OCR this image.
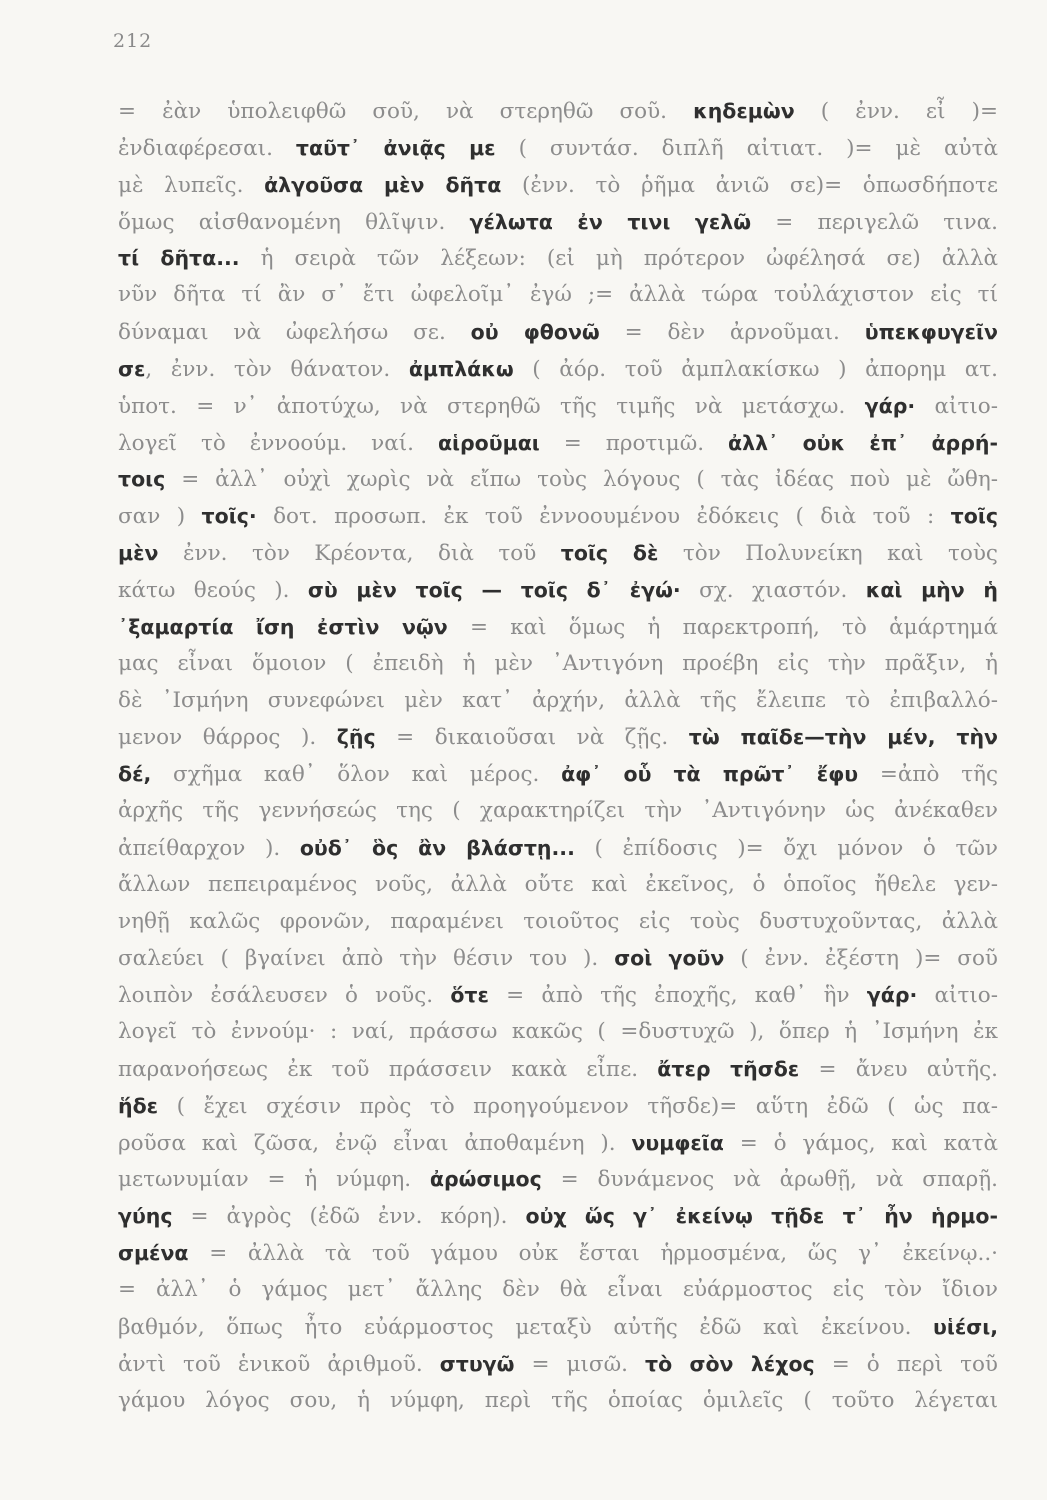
212
= ἐὰν ὑπολειφθῶ σοῦ, νὰ στερηθῶ σοῦ. κηδεμὼν ( ἐνν. εἶ )=
ἐνδιαφέρεσαι. ταῦτ᾽ ἀνιᾷς με ( συντάσ. διπλῆ αἰτιατ. )= μὲ αὐτὰ
μὲ λυπεῖς. ἀλγοῦσα μὲν δῆτα (ἐνν. τὸ ῥῆμα ἀνιῶ σε)= ὁπωσδήποτε
ὅμως αἰσθανομένη θλῖψιν. γέλωτα ἐν τινι γελῶ = περιγελῶ τινα.
τί δῆτα... ἡ σειρὰ τῶν λέξεων: (εἰ μὴ πρότερον ὠφέλησά σε) ἀλλὰ
νῦν δῆτα τί ἂν σ᾽ ἔτι ὠφελοῖμ᾽ ἐγώ ;= ἀλλὰ τώρα τοὐλάχιστον εἰς τί
δύναμαι νὰ ὠφελήσω σε. οὐ φθονῶ = δὲν ἀρνοῦμαι. ὑπεκφυγεῖν
σε, ἐνν. τὸν θάνατον. ἀμπλάκω ( ἀόρ. τοῦ ἀμπλακίσκω ) ἀπορημ ατ.
ὑποτ. = ν᾽ ἀποτύχω, νὰ στερηθῶ τῆς τιμῆς νὰ μετάσχω. γάρ· αἰτιο-
λογεῖ τὸ ἐννοούμ. ναί. αἱροῦμαι = προτιμῶ. ἀλλ᾽ οὐκ ἐπ᾽ ἀρρή-
τοις = ἀλλ᾽ οὐχὶ χωρὶς νὰ εἴπω τοὺς λόγους ( τὰς ἰδέας ποὺ μὲ ὤθη-
σαν ) τοῖς· δοτ. προσωπ. ἐκ τοῦ ἐννοουμένου ἐδόκεις ( διὰ τοῦ : τοῖς
μὲν ἐνν. τὸν Κρέοντα, διὰ τοῦ τοῖς δὲ τὸν Πολυνείκη καὶ τοὺς
κάτω θεούς ). σὺ μὲν τοῖς — τοῖς δ᾽ ἐγώ· σχ. χιαστόν. καὶ μὴν ἡ
᾽ξαμαρτία ἴση ἐστὶν νῷν = καὶ ὅμως ἡ παρεκτροπή, τὸ ἁμάρτημά
μας εἶναι ὅμοιον ( ἐπειδὴ ἡ μὲν ᾽Αντιγόνη προέβη εἰς τὴν πρᾶξιν, ἡ
δὲ ᾽Ισμήνη συνεφώνει μὲν κατ᾽ ἀρχήν, ἀλλὰ τῆς ἔλειπε τὸ ἐπιβαλλό-
μενον θάρρος ). ζῇς = δικαιοῦσαι νὰ ζῇς. τὼ παῖδε—τὴν μέν, τὴν
δέ, σχῆμα καθ᾽ ὅλον καὶ μέρος. ἀφ᾽ οὗ τὰ πρῶτ᾽ ἔφυ =ἀπὸ τῆς
ἀρχῆς τῆς γεννήσεώς της ( χαρακτηρίζει τὴν ᾽Αντιγόνην ὡς ἀνέκαθεν
ἀπείθαρχον ). οὐδ᾽ ὃς ἂν βλάστῃ... ( ἐπίδοσις )= ὄχι μόνον ὁ τῶν
ἄλλων πεπειραμένος νοῦς, ἀλλὰ οὔτε καὶ ἐκεῖνος, ὁ ὁποῖος ἤθελε γεν-
νηθῇ καλῶς φρονῶν, παραμένει τοιοῦτος εἰς τοὺς δυστυχοῦντας, ἀλλὰ
σαλεύει ( βγαίνει ἀπὸ τὴν θέσιν του ). σοὶ γοῦν ( ἐνν. ἐξέστη )= σοῦ
λοιπὸν ἐσάλευσεν ὁ νοῦς. ὅτε = ἀπὸ τῆς ἐποχῆς, καθ᾽ ἣν γάρ· αἰτιο-
λογεῖ τὸ ἐννούμ· : ναί, πράσσω κακῶς ( =δυστυχῶ ), ὅπερ ἡ ᾽Ισμήνη ἐκ
παρανοήσεως ἐκ τοῦ πράσσειν κακὰ εἶπε. ἄτερ τῆσδε = ἄνευ αὐτῆς.
ἥδε ( ἔχει σχέσιν πρὸς τὸ προηγούμενον τῆσδε)= αὕτη ἐδῶ ( ὡς πα-
ροῦσα καὶ ζῶσα, ἐνῷ εἶναι ἀποθαμένη ). νυμφεῖα = ὁ γάμος, καὶ κατὰ
μετωνυμίαν = ἡ νύμφη. ἀρώσιμος = δυνάμενος νὰ ἀρωθῇ, νὰ σπαρῇ.
γύης = ἀγρὸς (ἐδῶ ἐνν. κόρη). οὐχ ὥς γ᾽ ἐκείνῳ τῇδε τ᾽ ἦν ἡρμο-
σμένα = ἀλλὰ τὰ τοῦ γάμου οὐκ ἔσται ἡρμοσμένα, ὥς γ᾽ ἐκείνῳ..·
= ἀλλ᾽ ὁ γάμος μετ᾽ ἄλλης δὲν θὰ εἶναι εὐάρμοστος εἰς τὸν ἴδιον
βαθμόν, ὅπως ἦτο εὐάρμοστος μεταξὺ αὐτῆς ἐδῶ καὶ ἐκείνου. υἱέσι,
ἀντὶ τοῦ ἑνικοῦ ἀριθμοῦ. στυγῶ = μισῶ. τὸ σὸν λέχος = ὁ περὶ τοῦ
γάμου λόγος σου, ἡ νύμφη, περὶ τῆς ὁποίας ὁμιλεῖς ( τοῦτο λέγεται
